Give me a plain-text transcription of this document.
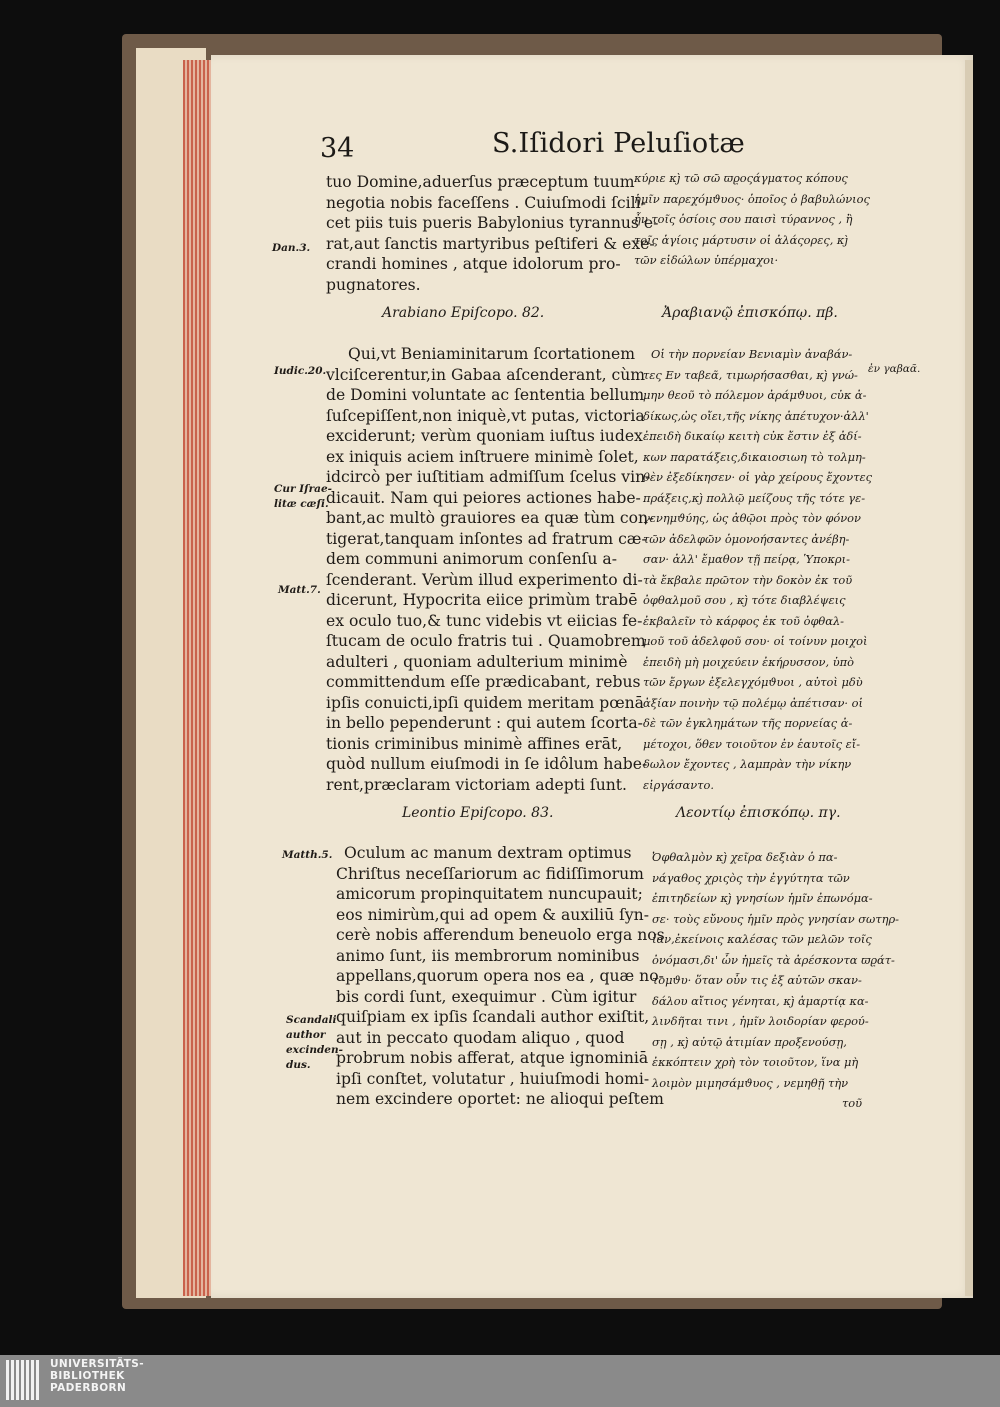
34	S.Iſidori Peluſiotæ
tuo Domine,aduerſus præceptum tuum
negotia nobis faceſſens . Cuiuſmodi ſcili-
cet piis tuis pueris Babylonius tyrannus e-
rat,aut ſanctis martyribus peſtiferi & exe-
crandi homines , atque idolorum pro-
pugnatores.
κύριε κϳ̀ τῶ σῶ ϖϱοςάγματος κόπους
ἡμῖν παρεχόμϑυος· ὁποῖος ὁ βαβυλώνιος
ἦν τοῖς ὁσίοις σου παισὶ τύραννος , ἢ
τοῖς ἁγίοις μάρτυσιν οἱ ἀλάςορες, κϳ̀
τῶν εἰδώλων ὑπέρμαχοι·
Dan.3.
Arabiano Epiſcopo. 82.	Ἀραβιανῷ ἐπισκόπῳ. πβ.
Qui,vt Beniaminitarum ſcortationem
vlciſcerentur,in Gabaa aſcenderant, cùm
de Domini voluntate ac ſententia bellum
ſuſcepiſſent,non iniquè,vt putas, victoria
exciderunt; verùm quoniam iuſtus iudex
ex iniquis aciem inſtruere minimè ſolet,
idcircò per iuſtitiam admiſſum ſcelus vin-
dicauit. Nam qui peiores actiones habe-
bant,ac multò grauiores ea quæ tùm con-
tigerat,tanquam inſontes ad fratrum cæ-
dem communi animorum conſenſu a-
ſcenderant. Verùm illud experimento di-
dicerunt, Hypocrita eiice primùm trabē
ex oculo tuo,& tunc videbis vt eiicias fe-
ſtucam de oculo fratris tui . Quamobrem
adulteri , quoniam adulterium minimè
committendum eſſe prædicabant, rebus
ipſis conuicti,ipſi quidem meritam pœnā
in bello pependerunt : qui autem ſcorta-
tionis criminibus minimè affines erāt,
quòd nullum eiuſmodi in ſe idôlum habe-
rent,præclaram victoriam adepti ſunt.
Οἱ τὴν πορνείαν Βενιαμὶν ἀναβάν-
τες Εν ταβεᾶ, τιμωρήσασθαι, κϳ̀ γνώ-
μην θεοῦ τὸ πόλεμον ἀράμϑυοι, ϲὐκ ἀ-
δίκως,ὡς οἴει,τῆς νίκης ἀπέτυχον·ἀλλ'
ἐπειδὴ δικαίῳ κειτὴ ϲὐκ ἔστιν ἐξ ἀδί-
κων παρατάξεις,δικαιοσιωη τὸ τολμη-
θὲν ἐξεδίκησεν· οἱ γὰρ χείρους ἔχοντες
πράξεις,κϳ̀ πολλῷ μείζους τῆς τότε γε-
γενημϑύης, ὡς ἀθῷοι πρὸς τὸν φόνον
τῶν ἀδελφῶν ὁμονοήσαντες ἀνέβη-
σαν· ἀλλ' ἔμαθον τῇ πείρᾳ, Ὑποκρι-
τὰ ἔκβαλε πρῶτον τὴν δοκὸν ἐκ τοῦ
ὀφθαλμοῦ σου , κϳ̀ τότε διαβλέψεις
ἐκβαλεῖν τὸ κάρφος ἐκ τοῦ ὀφθαλ-
μοῦ τοῦ ἀδελφοῦ σου· οἱ τοίνυν μοιχοὶ
ἐπειδὴ μὴ μοιχεύειν ἐκήρυσσον, ὑπὸ
τῶν ἔργων ἐξελεγχόμϑυοι , αὐτοὶ μδὺ
ἀξίαν ποινὴν τῷ πολέμῳ ἀπέτισαν· οἱ
δὲ τῶν ἐγκλημάτων τῆς πορνείας ἀ-
μέτοχοι, ὅθεν τοιοῦτον ἐν ἑαυτοῖς εἴ-
δωλον ἔχοντες , λαμπρὰν τὴν νίκην
εἰργάσαντο.
Iudic.20.
Cur Iſrae-
litæ cæſi.
Matt.7.
ἐν γαβαᾶ.
Leontio Epiſcopo. 83.	Λεοντίῳ ἐπισκόπῳ. πγ.
Oculum ac manum dextram optimus
Chriſtus neceſſariorum ac fidiſſimorum
amicorum propinquitatem nuncupauit;
eos nimirùm,qui ad opem & auxiliū ſyn-
cerè nobis afferendum beneuolo erga nos
animo ſunt, iis membrorum nominibus
appellans,quorum opera nos ea , quæ no-
bis cordi ſunt, exequimur . Cùm igitur
quiſpiam ex ipſis ſcandali author exiſtit,
aut in peccato quodam aliquo , quod
probrum nobis afferat, atque ignominiā
ipſi conſtet, volutatur , huiuſmodi homi-
nem excindere oportet: ne alioqui peſtem
Ὀφθαλμὸν κϳ̀ χεῖρα δεξιὰν ὁ πα-
νάγαθος χριςὸς τὴν ἐγγύτητα τῶν
ἐπιτηδείων κϳ̀ γνησίων ἡμῖν ἐπωνόμα-
σε· τοὺς εὔνους ἡμῖν πρὸς γνησίαν σωτηρ-
ίαν,ἐκείνοις καλέσας τῶν μελῶν τοῖς
ὀνόμασι,δι' ὧν ἡμεῖς τὰ ἀρέσκοντα ϖϱάτ-
τομϑυ· ὅταν οὖν τις ἐξ αὐτῶν σκαν-
δάλου αἴτιος γένηται, κϳ̀ ἁμαρτίᾳ κα-
λινδῆται τινι , ἡμῖν λοιδορίαν φερού-
σῃ , κϳ̀ αὐτῷ ἀτιμίαν προξενούσῃ,
ἐκκόπτειν χρὴ τὸν τοιοῦτον, ἵνα μὴ
λοιμὸν μιμησάμϑυος , νεμηθῇ τὴν
τοῦ
Matth.5.
Scandali
author
excinden-
dus.
UNIVERSITÄTS-
BIBLIOTHEK
PADERBORN
